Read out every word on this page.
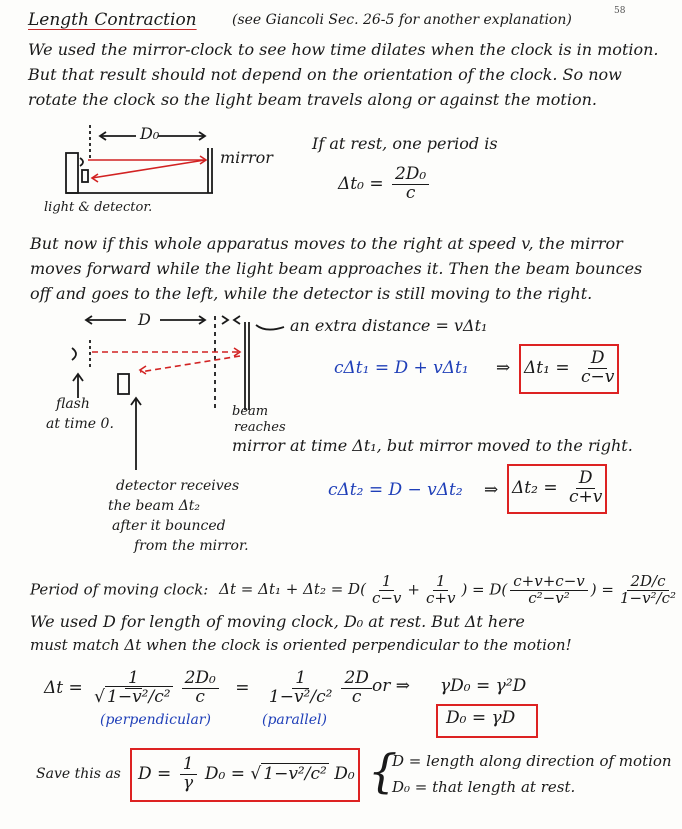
58
Length Contraction	(see Giancoli Sec. 26-5 for another explanation)
We used the mirror-clock to see how time dilates when the clock is in motion.
But that result should not depend on the orientation of the clock. So now
rotate the clock so the light beam travels along or against the motion.
D₀
mirror
light & detector.
If at rest, one period is
$\Delta t_0 = \frac{\text{2D₀}}{c}$
But now if this whole apparatus moves to the right at speed v, the mirror
moves forward while the light beam approaches it. Then the beam bounces
off and goes to the left, while the detector is still moving to the right.
D	an extra distance = vΔt₁
cΔt₁ = D + vΔt₁ ⇒ $\Delta t_1 = \frac{D}{c-v}$
flash
at time 0.
beam
reaches
mirror at time Δt₁, but mirror moved to the right.
cΔt₂ = D − vΔt₂ ⇒ $\Delta t_2 = \frac{D}{c+v}$
detector receives
the beam Δt₂
after it bounced
from the mirror.
Period of moving clock: $\Delta t = \Delta t_1 + \Delta t_2 = D( \frac{1}{c-v} + \frac{1}{c+v}$ ) = $D( \frac{c+v+c-v}{\text{c²−v²}}$ ) = $\frac{2D/c}{\text{1−v²/c²}}$
We used D for length of moving clock, D₀ at rest. But Δt here
must match Δt when the clock is oriented perpendicular to the motion!
$\Delta t = \frac{1}{\text{√ 1−v²/c²}} \frac{\text{2D₀}}{c} = \frac{1}{\text{1−v²/c²}} \frac{2D}{c}$
(perpendicular)	(parallel)
or ⇒ γD₀ = γ²D
D₀ = γD
Save this as $D = \frac{1}{\gamma} D_0$ = √ 1−v²/c² D₀ {
D = length along direction of motion
D₀ = that length at rest.
